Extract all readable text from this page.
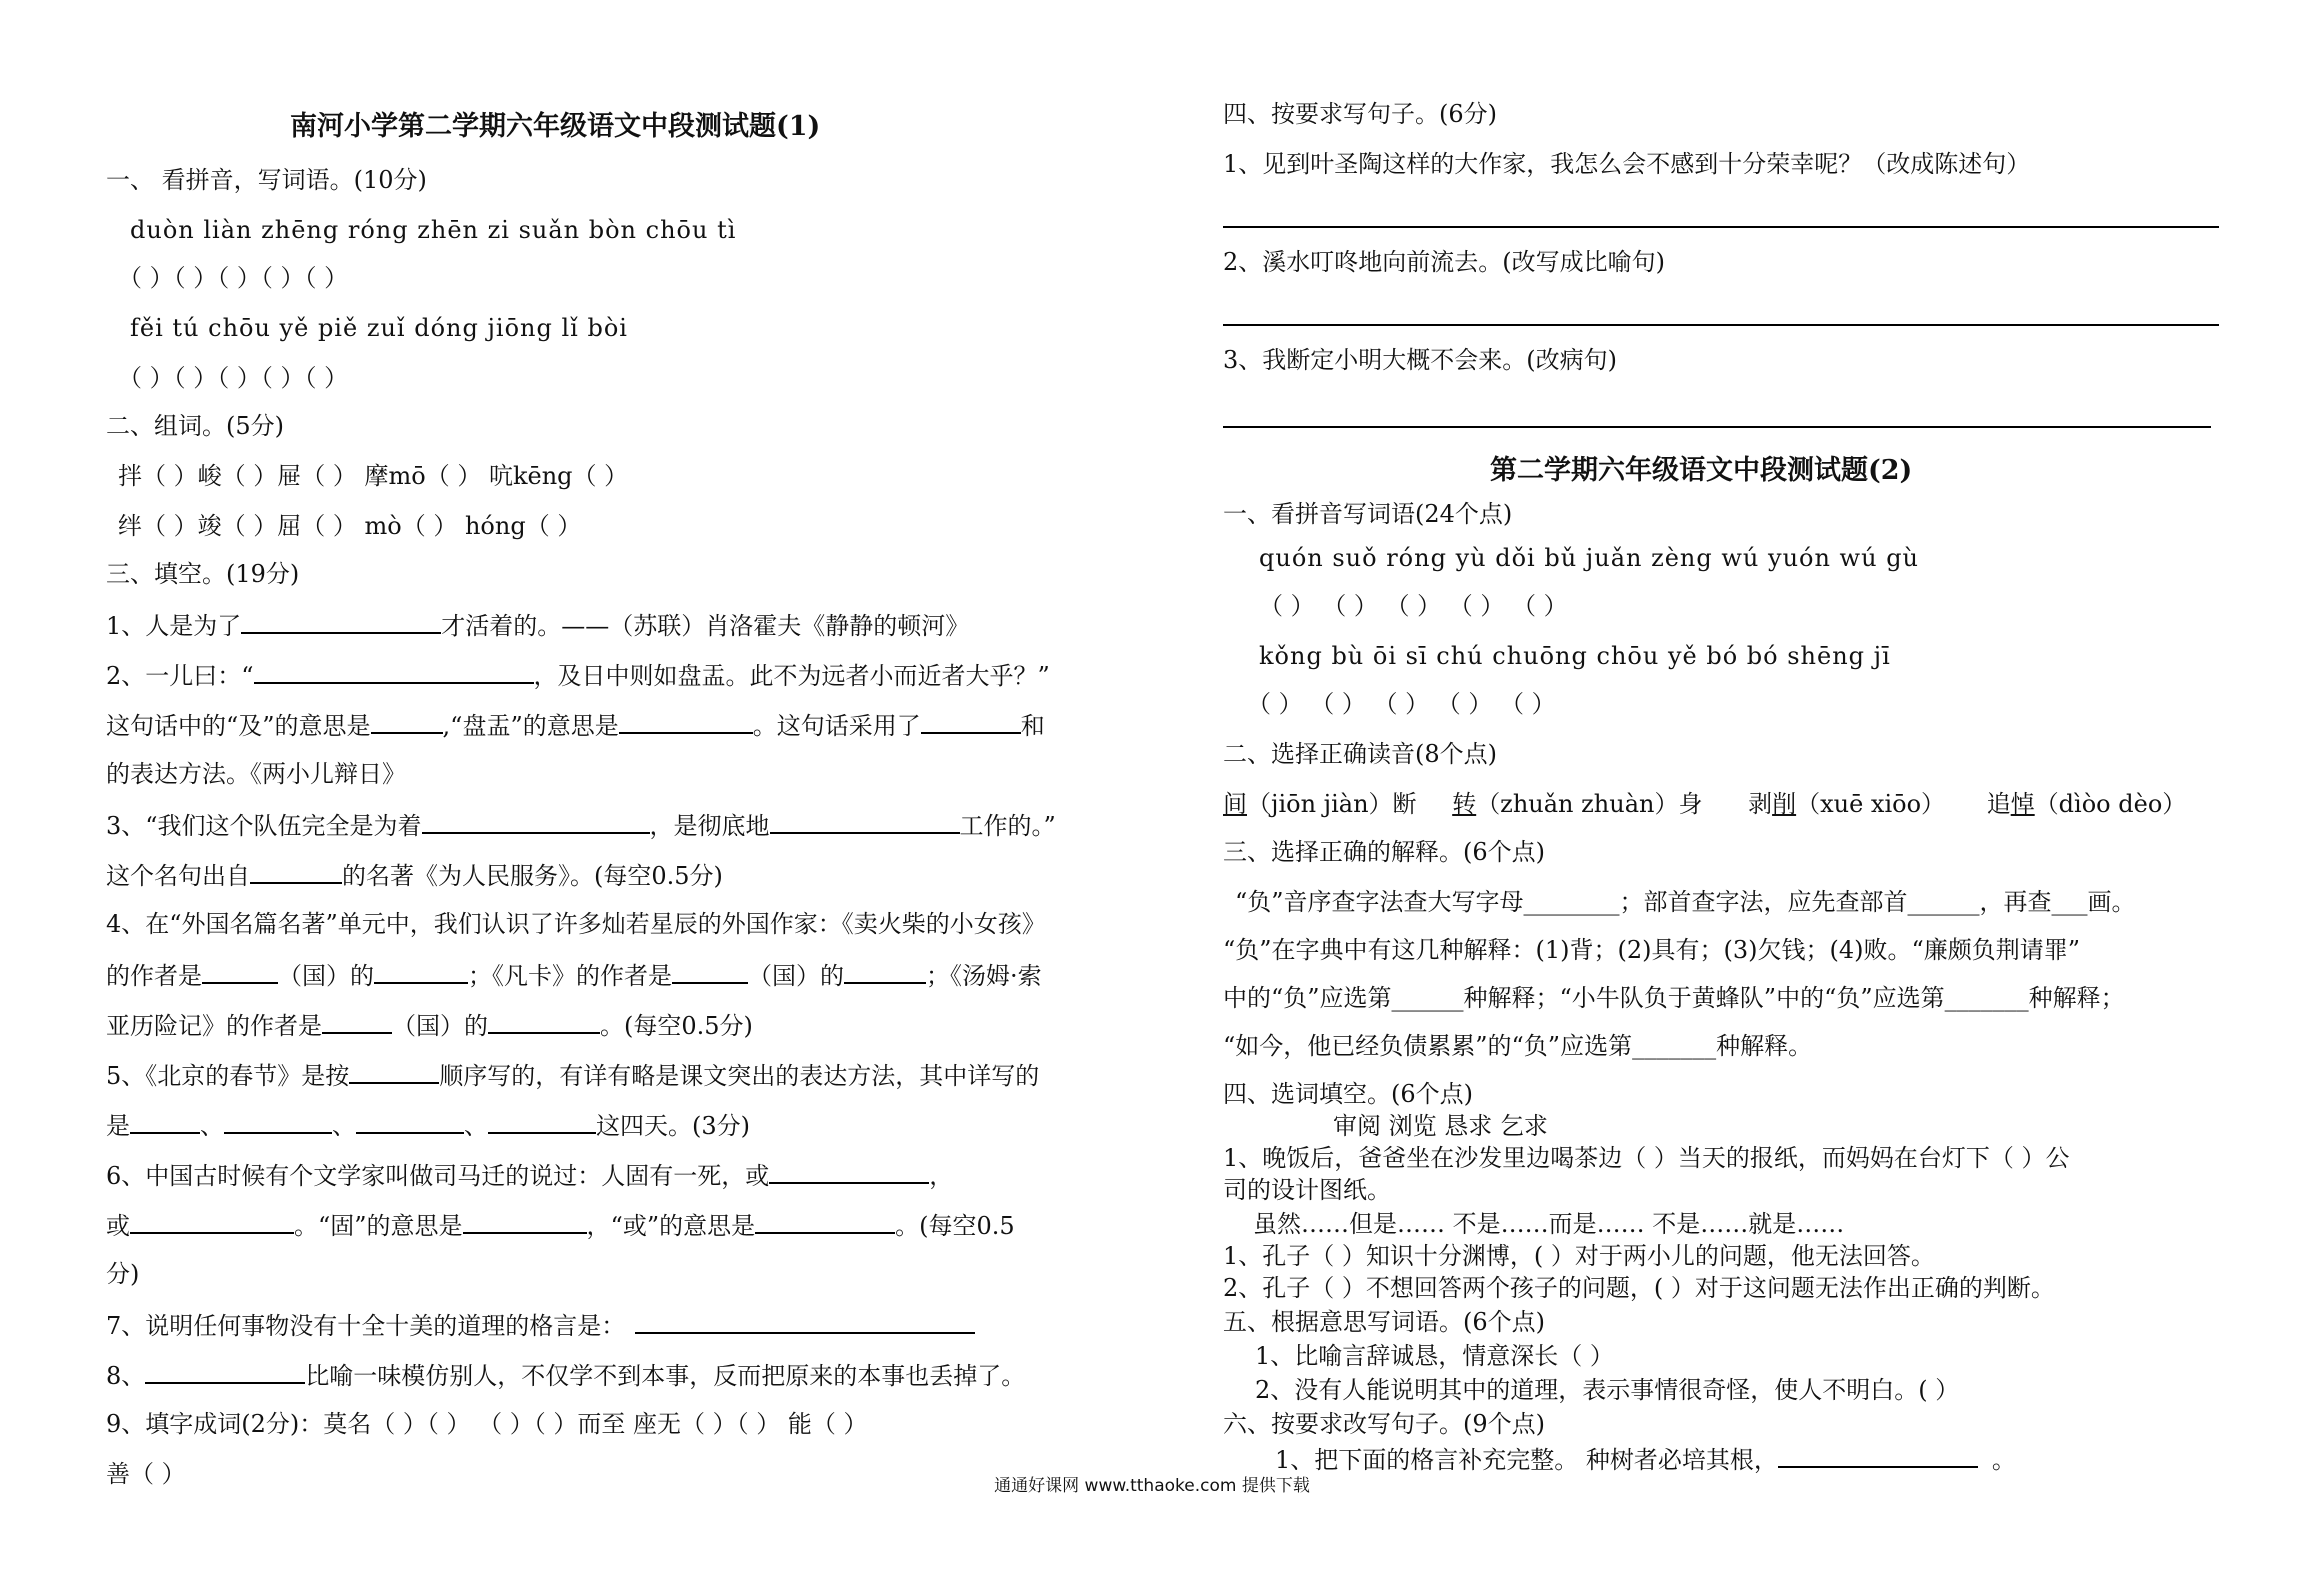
南河小学第二学期六年级语文中段测试题(1)
一、 看拼音，写词语。(10分)
duòn liàn zhēng róng zhēn zi suǎn bòn chōu tì
（ ）（ ）（ ）（ ）（ ）
fěi tú chōu yě piě zuǐ dóng jiōng lǐ bòi
（ ）（ ）（ ）（ ）（ ）
二、组词。(5分)
拌（ ）峻（ ）屉（ ） 摩mō（ ） 吭kēng（ ）
绊（ ）竣（ ）屈（ ） mò（ ） hóng（ ）
三、填空。(19分)
1、人是为了	才活着的。——（苏联）肖洛霍夫《静静的顿河》
2、一儿曰：“	，及日中则如盘盂。此不为远者小而近者大乎？”
这句话中的“及”的意思是	,“盘盂”的意思是	。这句话采用了	和
的表达方法。《两小儿辩日》
3、“我们这个队伍完全是为着	，是彻底地	工作的。”
这个名句出自	的名著《为人民服务》。(每空0.5分)
4、在“外国名篇名著”单元中，我们认识了许多灿若星辰的外国作家：《卖火柴的小女孩》
的作者是	（国）的	；《凡卡》的作者是	（国）的	；《汤姆·索
亚历险记》的作者是	（国）的	。(每空0.5分)
5、《北京的春节》是按	顺序写的，有详有略是课文突出的表达方法，其中详写的
是	、	、	、	这四天。(3分)
6、中国古时候有个文学家叫做司马迁的说过：人固有一死，或	，
或	。“固”的意思是	，“或”的意思是	。(每空0.5
分)
7、说明任何事物没有十全十美的道理的格言是：
8、	比喻一味模仿别人，不仅学不到本事，反而把原来的本事也丢掉了。
9、填字成词(2分)：莫名（ ）（ ） （ ）（ ）而至 座无（ ）（ ） 能（ ）
善（ ）
四、按要求写句子。(6分)
1、见到叶圣陶这样的大作家，我怎么会不感到十分荣幸呢？（改成陈述句）
2、溪水叮咚地向前流去。(改写成比喻句)
3、我断定小明大概不会来。(改病句)
第二学期六年级语文中段测试题(2)
一、看拼音写词语(24个点)
quón suǒ róng yù dǒi bǔ juǎn zèng wú yuón wú gù
（ ） （ ） （ ） （ ） （ ）
kǒng bù ōi sī chú chuōng chōu yě bó bó shēng jī
（ ） （ ） （ ） （ ） （ ）
二、选择正确读音(8个点)
间（jiōn jiàn）断 转（zhuǎn zhuàn）身 剥削（xuē xiōo） 追悼（dìòo dèo）
三、选择正确的解释。(6个点)
“负”音序查字法查大写字母________；部首查字法，应先查部首______，再查___画。
“负”在字典中有这几种解释：(1)背；(2)具有；(3)欠钱；(4)败。“廉颇负荆请罪”
中的“负”应选第______种解释；“小牛队负于黄蜂队”中的“负”应选第_______种解释；
“如今，他已经负债累累”的“负”应选第_______种解释。
四、选词填空。(6个点)
审阅 浏览 恳求 乞求
1、晚饭后，爸爸坐在沙发里边喝茶边（ ）当天的报纸，而妈妈在台灯下（ ）公
司的设计图纸。
虽然……但是…… 不是……而是…… 不是……就是……
1、孔子（ ）知识十分渊博，( ）对于两小儿的问题，他无法回答。
2、孔子（ ）不想回答两个孩子的问题，( ）对于这问题无法作出正确的判断。
五、根据意思写词语。(6个点)
1、比喻言辞诚恳，情意深长（ ）
2、没有人能说明其中的道理，表示事情很奇怪，使人不明白。( ）
六、按要求改写句子。(9个点)
1、把下面的格言补充完整。 种树者必培其根，	。
通通好课网 www.tthaoke.com 提供下载
